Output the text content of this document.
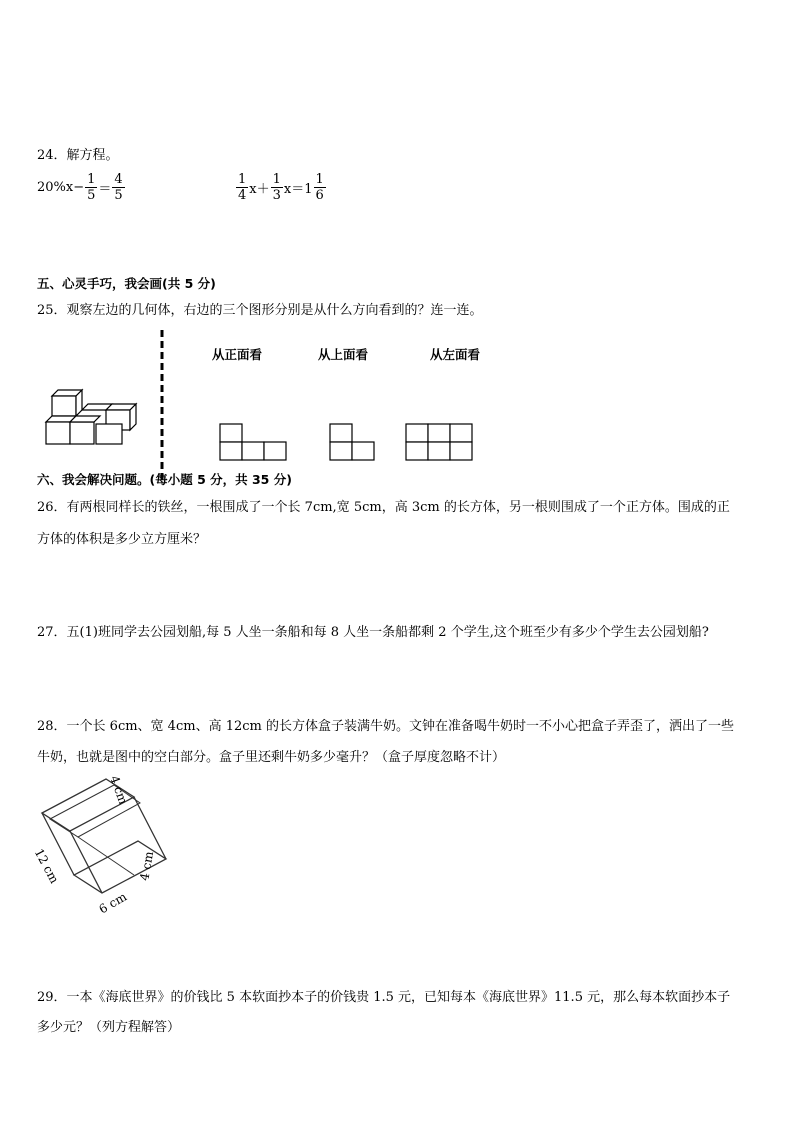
24．解方程。
$20\%x- \frac{1}{5} = \frac{4}{5}$	$\frac{1}{4} x+ \frac{1}{3} x=1 \frac{1}{6}$
五、心灵手巧，我会画(共 5 分)
25．观察左边的几何体，右边的三个图形分别是从什么方向看到的？连一连。
从正面看	从上面看	从左面看
六、我会解决问题。(每小题 5 分，共 35 分)
26．有两根同样长的铁丝，一根围成了一个长 7cm,宽 5cm，高 3cm 的长方体，另一根则围成了一个正方体。围成的正
方体的体积是多少立方厘米？
27．五(1)班同学去公园划船,每 5 人坐一条船和每 8 人坐一条船都剩 2 个学生,这个班至少有多少个学生去公园划船?
28．一个长 6cm、宽 4cm、高 12cm 的长方体盒子装满牛奶。文钟在准备喝牛奶时一不小心把盒子弄歪了，洒出了一些
牛奶，也就是图中的空白部分。盒子里还剩牛奶多少毫升？（盒子厚度忽略不计）
4 cm
4 cm
6 cm
12 cm
29．一本《海底世界》的价钱比 5 本软面抄本子的价钱贵 1.5 元，已知每本《海底世界》11.5 元，那么每本软面抄本子
多少元？（列方程解答）
